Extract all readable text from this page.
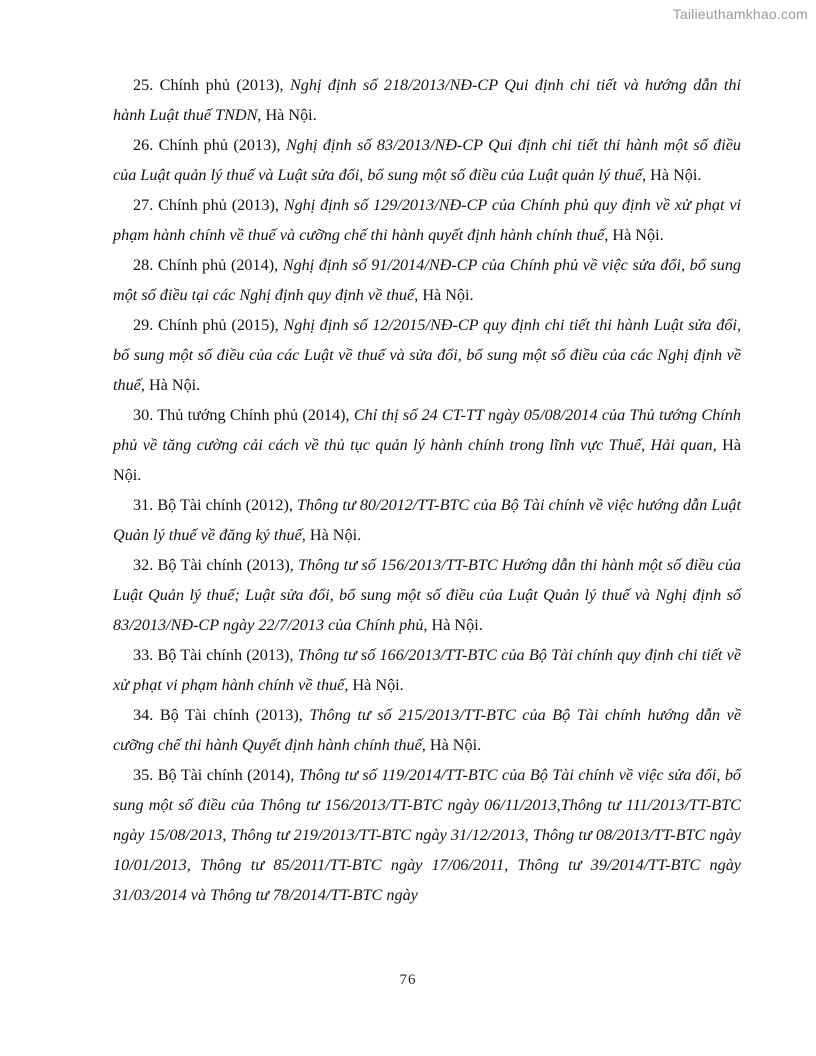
Tailieuthamkhao.com

25. Chính phủ (2013), Nghị định số 218/2013/NĐ-CP Qui định chi tiết và hướng dẫn thi hành Luật thuế TNDN, Hà Nội.

26. Chính phủ (2013), Nghị định số 83/2013/NĐ-CP Qui định chi tiết thi hành một số điều của Luật quản lý thuế và Luật sửa đổi, bổ sung một số điều của Luật quản lý thuế, Hà Nội.

27. Chính phủ (2013), Nghị định số 129/2013/NĐ-CP của Chính phủ quy định về xử phạt vi phạm hành chính về thuế và cưỡng chế thi hành quyết định hành chính thuế, Hà Nội.

28. Chính phủ (2014), Nghị định số 91/2014/NĐ-CP của Chính phủ về việc sửa đổi, bổ sung một số điều tại các Nghị định quy định về thuế, Hà Nội.

29. Chính phủ (2015), Nghị định số 12/2015/NĐ-CP quy định chi tiết thi hành Luật sửa đổi, bổ sung một số điều của các Luật về thuế và sửa đổi, bổ sung một số điều của các Nghị định về thuế, Hà Nội.

30. Thủ tướng Chính phủ (2014), Chỉ thị số 24 CT-TT ngày 05/08/2014 của Thủ tướng Chính phủ về tăng cường cải cách về thủ tục quản lý hành chính trong lĩnh vực Thuế, Hải quan, Hà Nội.

31. Bộ Tài chính (2012), Thông tư 80/2012/TT-BTC của Bộ Tài chính về việc hướng dẫn Luật Quản lý thuế về đăng ký thuế, Hà Nội.

32. Bộ Tài chính (2013), Thông tư số 156/2013/TT-BTC Hướng dẫn thi hành một số điều của Luật Quản lý thuế; Luật sửa đổi, bổ sung một số điều của Luật Quản lý thuế và Nghị định số 83/2013/NĐ-CP ngày 22/7/2013 của Chính phủ, Hà Nội.

33. Bộ Tài chính (2013), Thông tư số 166/2013/TT-BTC của Bộ Tài chính quy định chi tiết về xử phạt vi phạm hành chính về thuế, Hà Nội.

34. Bộ Tài chính (2013), Thông tư số 215/2013/TT-BTC của Bộ Tài chính hướng dẫn về cưỡng chế thi hành Quyết định hành chính thuế, Hà Nội.

35. Bộ Tài chính (2014), Thông tư số 119/2014/TT-BTC của Bộ Tài chính về việc sửa đổi, bổ sung một số điều của Thông tư 156/2013/TT-BTC ngày 06/11/2013,Thông tư 111/2013/TT-BTC ngày 15/08/2013, Thông tư 219/2013/TT-BTC ngày 31/12/2013, Thông tư 08/2013/TT-BTC ngày 10/01/2013, Thông tư 85/2011/TT-BTC ngày 17/06/2011, Thông tư 39/2014/TT-BTC ngày 31/03/2014 và Thông tư 78/2014/TT-BTC ngày

76
